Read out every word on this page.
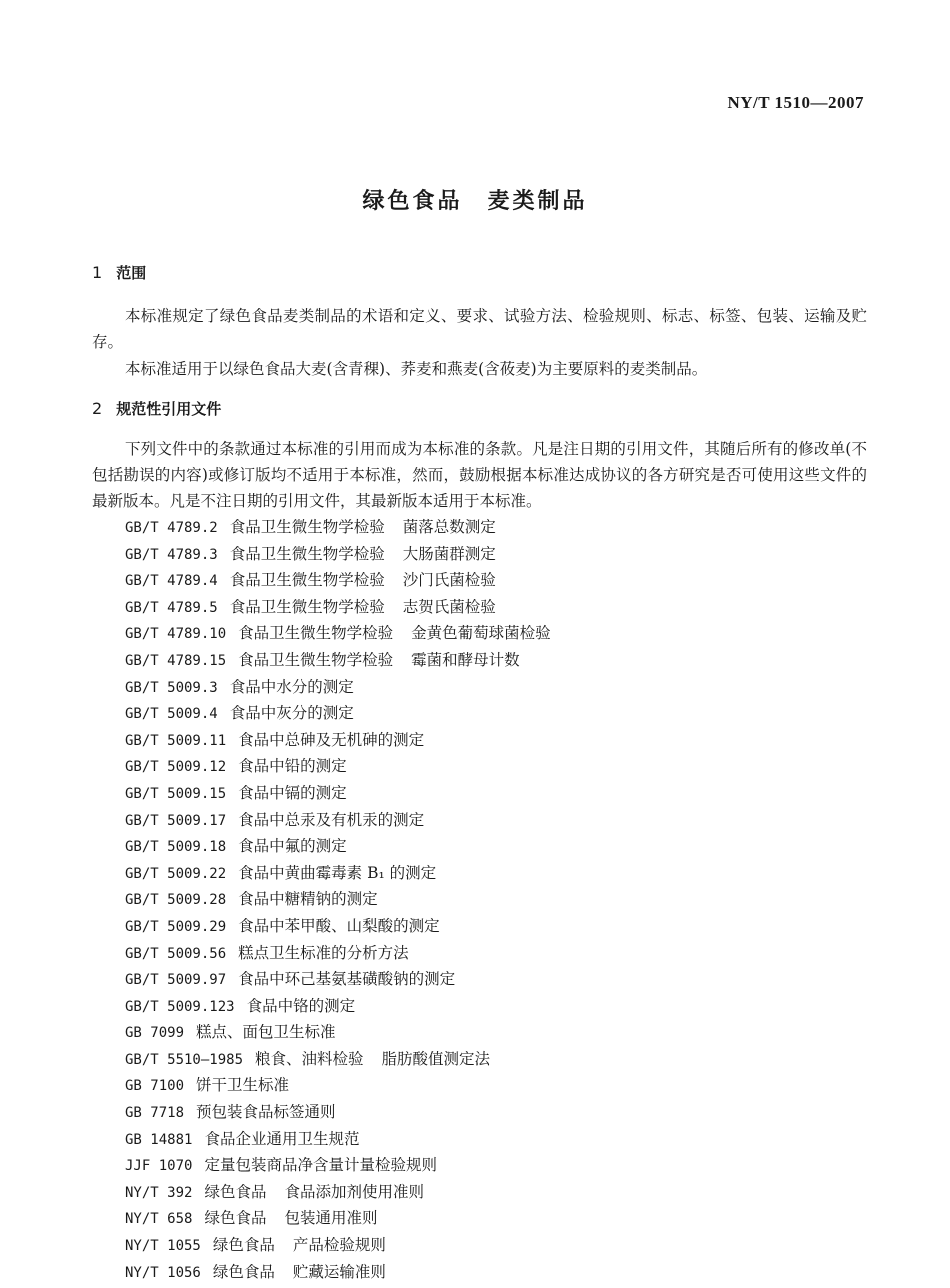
NY/T 1510—2007
绿色食品　麦类制品
1 范围

本标准规定了绿色食品麦类制品的术语和定义、要求、试验方法、检验规则、标志、标签、包装、运输及贮存。

本标准适用于以绿色食品大麦(含青稞)、荞麦和燕麦(含莜麦)为主要原料的麦类制品。

2 规范性引用文件

下列文件中的条款通过本标准的引用而成为本标准的条款。凡是注日期的引用文件，其随后所有的修改单(不包括勘误的内容)或修订版均不适用于本标准，然而，鼓励根据本标准达成协议的各方研究是否可使用这些文件的最新版本。凡是不注日期的引用文件，其最新版本适用于本标准。

GB/T 4789.2 食品卫生微生物学检验 菌落总数测定
GB/T 4789.3 食品卫生微生物学检验 大肠菌群测定
GB/T 4789.4 食品卫生微生物学检验 沙门氏菌检验
GB/T 4789.5 食品卫生微生物学检验 志贺氏菌检验
GB/T 4789.10 食品卫生微生物学检验 金黄色葡萄球菌检验
GB/T 4789.15 食品卫生微生物学检验 霉菌和酵母计数
GB/T 5009.3 食品中水分的测定
GB/T 5009.4 食品中灰分的测定
GB/T 5009.11 食品中总砷及无机砷的测定
GB/T 5009.12 食品中铅的测定
GB/T 5009.15 食品中镉的测定
GB/T 5009.17 食品中总汞及有机汞的测定
GB/T 5009.18 食品中氟的测定
GB/T 5009.22 食品中黄曲霉毒素 B₁ 的测定
GB/T 5009.28 食品中糖精钠的测定
GB/T 5009.29 食品中苯甲酸、山梨酸的测定
GB/T 5009.56 糕点卫生标准的分析方法
GB/T 5009.97 食品中环己基氨基磺酸钠的测定
GB/T 5009.123 食品中铬的测定
GB 7099 糕点、面包卫生标准
GB/T 5510—1985 粮食、油料检验 脂肪酸值测定法
GB 7100 饼干卫生标准
GB 7718 预包装食品标签通则
GB 14881 食品企业通用卫生规范
JJF 1070 定量包装商品净含量计量检验规则
NY/T 392 绿色食品 食品添加剂使用准则
NY/T 658 绿色食品 包装通用准则
NY/T 1055 绿色食品 产品检验规则
NY/T 1056 绿色食品 贮藏运输准则
